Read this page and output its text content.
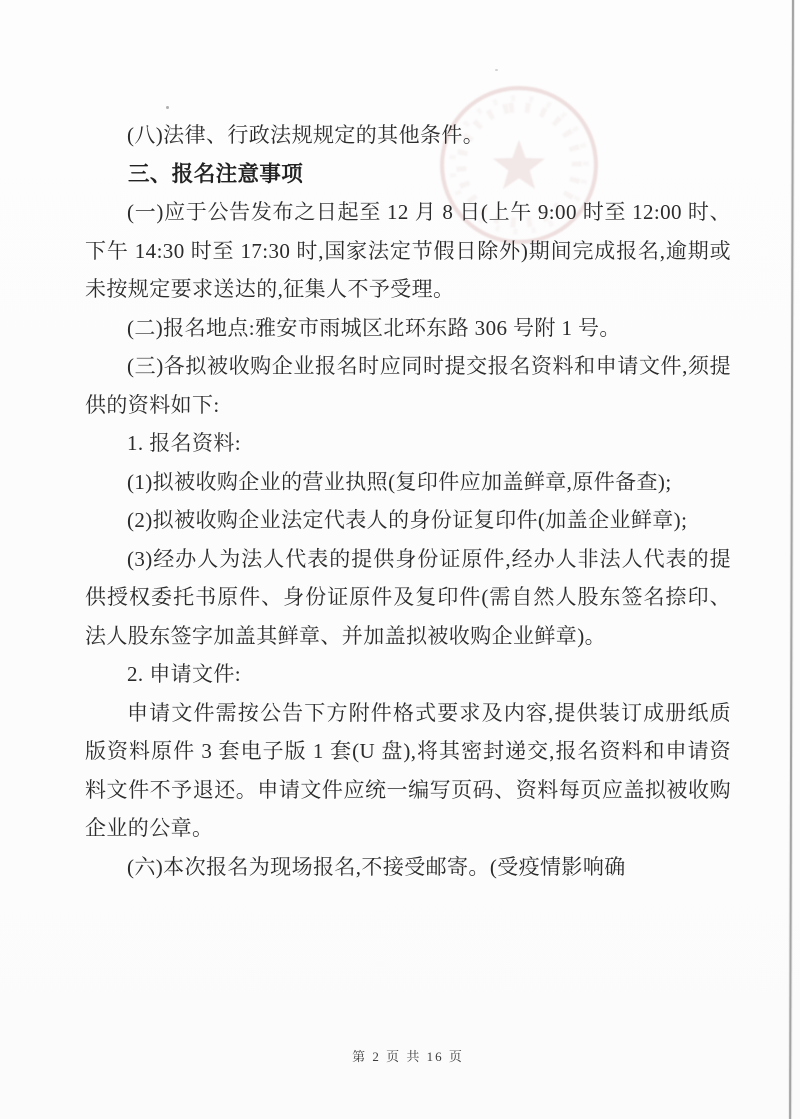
(八)法律、行政法规规定的其他条件。
三、报名注意事项
(一)应于公告发布之日起至 12 月 8 日(上午 9:00 时至 12:00 时、下午 14:30 时至 17:30 时,国家法定节假日除外)期间完成报名,逾期或未按规定要求送达的,征集人不予受理。
(二)报名地点:雅安市雨城区北环东路 306 号附 1 号。
(三)各拟被收购企业报名时应同时提交报名资料和申请文件,须提供的资料如下:
1. 报名资料:
(1)拟被收购企业的营业执照(复印件应加盖鲜章,原件备查);
(2)拟被收购企业法定代表人的身份证复印件(加盖企业鲜章);
(3)经办人为法人代表的提供身份证原件,经办人非法人代表的提供授权委托书原件、身份证原件及复印件(需自然人股东签名捺印、法人股东签字加盖其鲜章、并加盖拟被收购企业鲜章)。
2. 申请文件:
申请文件需按公告下方附件格式要求及内容,提供装订成册纸质版资料原件 3 套电子版 1 套(U 盘),将其密封递交,报名资料和申请资料文件不予退还。申请文件应统一编写页码、资料每页应盖拟被收购企业的公章。
(六)本次报名为现场报名,不接受邮寄。(受疫情影响确
第 2 页 共 16 页
